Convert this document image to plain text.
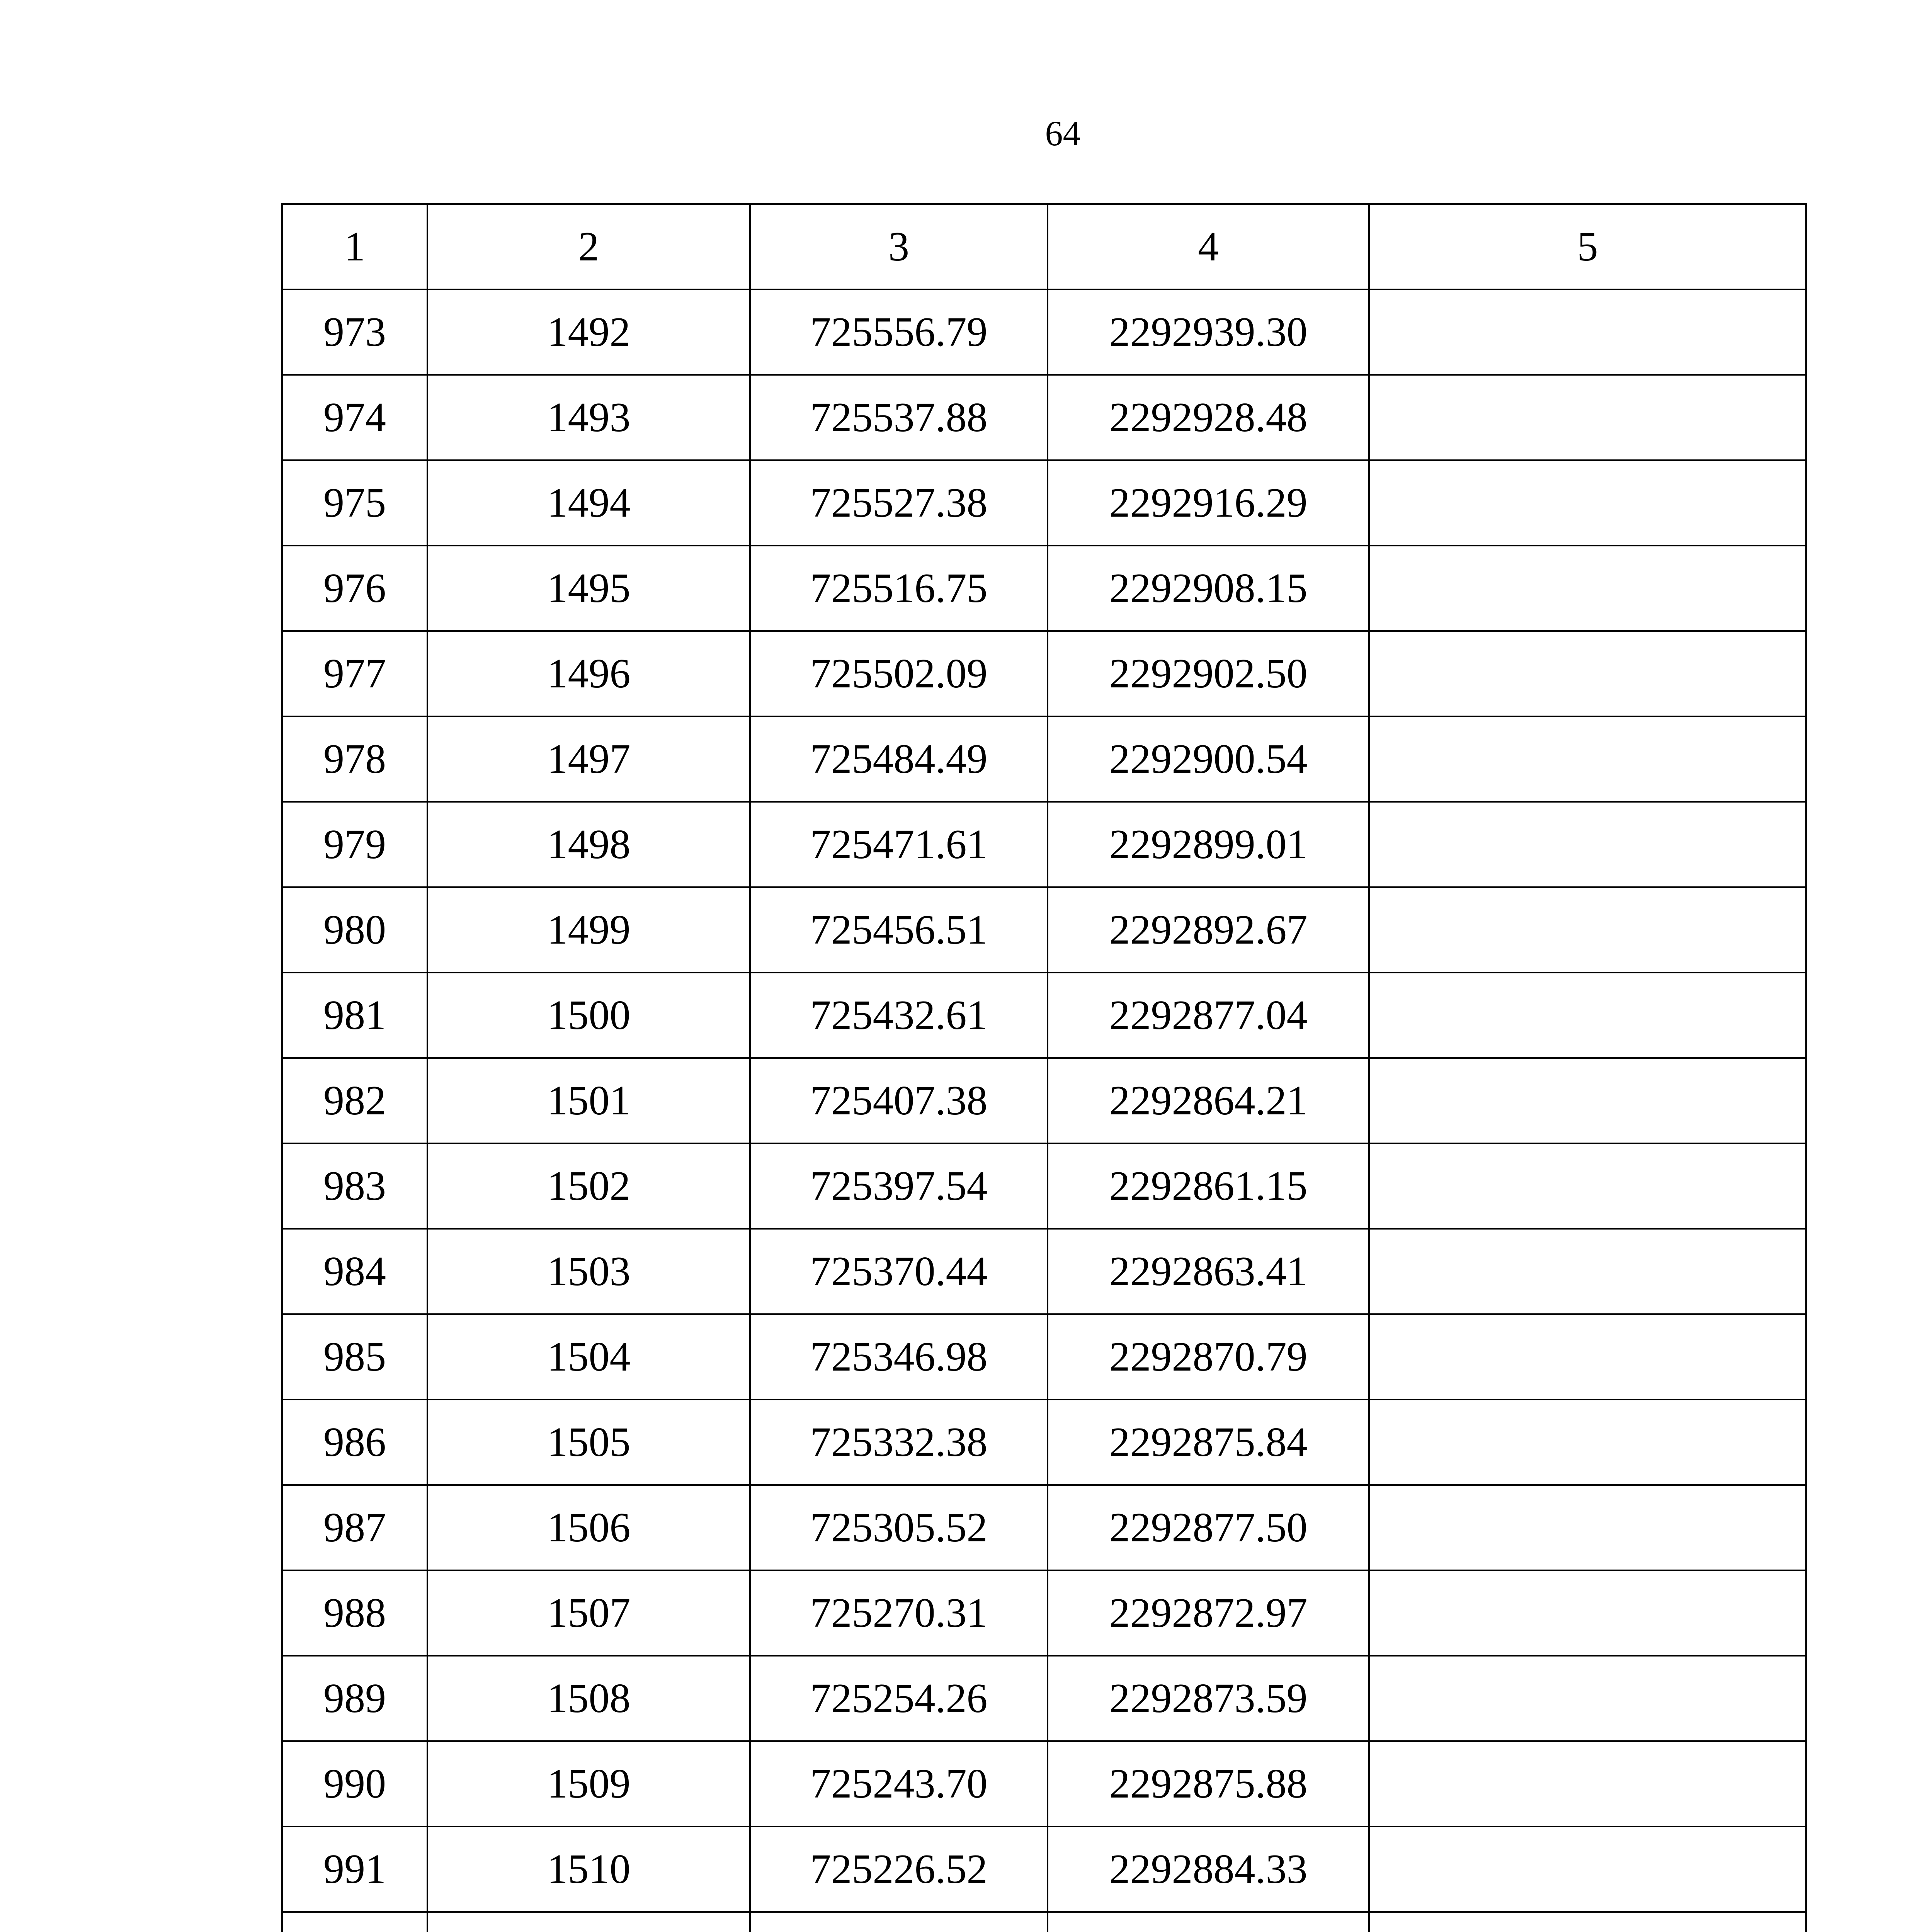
64
1	2	3	4	5
973	1492	725556.79	2292939.30	
974	1493	725537.88	2292928.48	
975	1494	725527.38	2292916.29	
976	1495	725516.75	2292908.15	
977	1496	725502.09	2292902.50	
978	1497	725484.49	2292900.54	
979	1498	725471.61	2292899.01	
980	1499	725456.51	2292892.67	
981	1500	725432.61	2292877.04	
982	1501	725407.38	2292864.21	
983	1502	725397.54	2292861.15	
984	1503	725370.44	2292863.41	
985	1504	725346.98	2292870.79	
986	1505	725332.38	2292875.84	
987	1506	725305.52	2292877.50	
988	1507	725270.31	2292872.97	
989	1508	725254.26	2292873.59	
990	1509	725243.70	2292875.88	
991	1510	725226.52	2292884.33	
